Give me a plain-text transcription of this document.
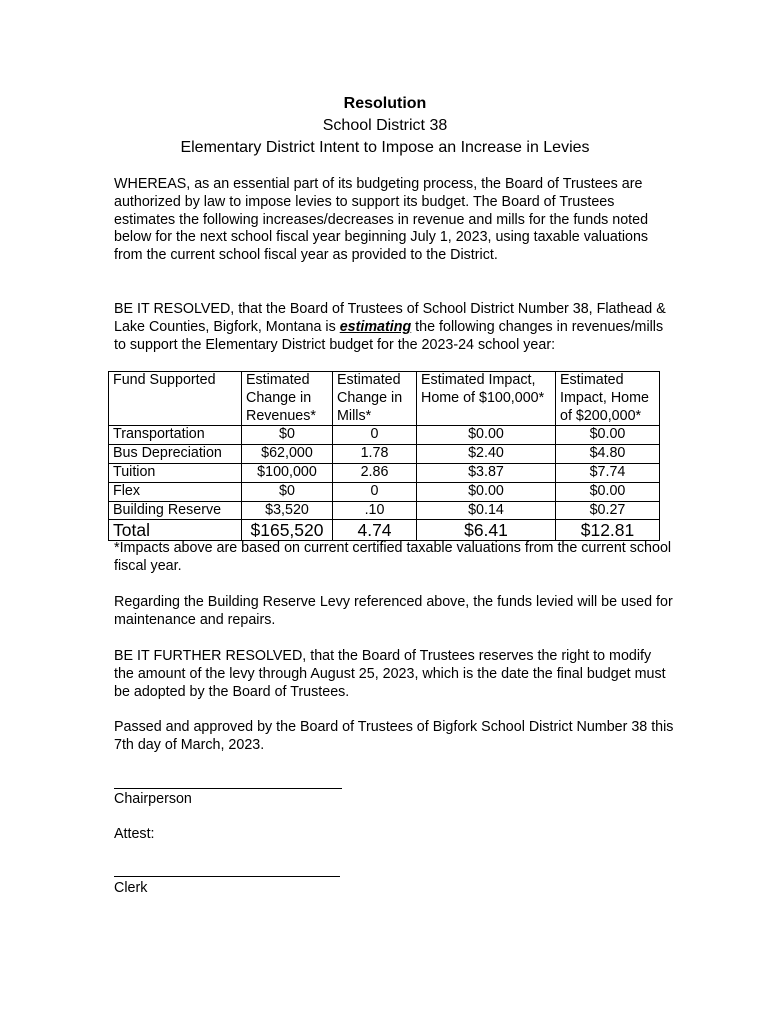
Resolution
School District 38
Elementary District Intent to Impose an Increase in Levies
WHEREAS, as an essential part of its budgeting process, the Board of Trustees are authorized by law to impose levies to support its budget. The Board of Trustees estimates the following increases/decreases in revenue and mills for the funds noted below for the next school fiscal year beginning July 1, 2023, using taxable valuations from the current school fiscal year as provided to the District.
BE IT RESOLVED, that the Board of Trustees of School District Number 38, Flathead & Lake Counties, Bigfork, Montana is estimating the following changes in revenues/mills to support the Elementary District budget for the 2023-24 school year:
Fund Supported	Estimated Change in Revenues*	Estimated Change in Mills*	Estimated Impact, Home of $100,000*	Estimated Impact, Home of $200,000*
Transportation	$0	0	$0.00	$0.00
Bus Depreciation	$62,000	1.78	$2.40	$4.80
Tuition	$100,000	2.86	$3.87	$7.74
Flex	$0	0	$0.00	$0.00
Building Reserve	$3,520	.10	$0.14	$0.27
Total	$165,520	4.74	$6.41	$12.81
*Impacts above are based on current certified taxable valuations from the current school fiscal year.
Regarding the Building Reserve Levy referenced above, the funds levied will be used for maintenance and repairs.
BE IT FURTHER RESOLVED, that the Board of Trustees reserves the right to modify the amount of the levy through August 25, 2023, which is the date the final budget must be adopted by the Board of Trustees.
Passed and approved by the Board of Trustees of Bigfork School District Number 38 this 7th day of March, 2023.
Chairperson
Attest:
Clerk
